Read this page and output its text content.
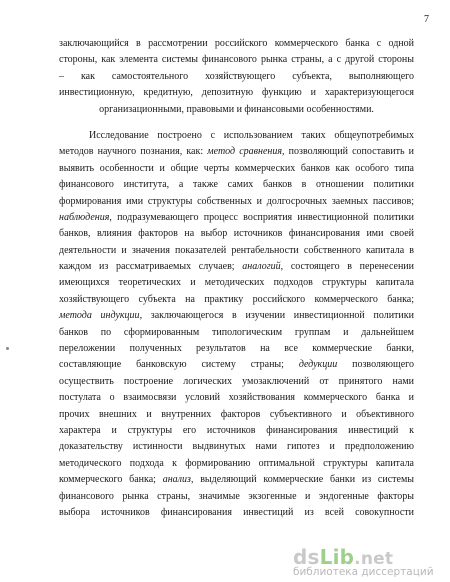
7
заключающийся в рассмотрении российского коммерческого банка с одной
стороны, как элемента системы финансового рынка страны, а с другой стороны
– как самостоятельного хозяйствующего субъекта, выполняющего
инвестиционную, кредитную, депозитную функцию и характеризующегося
организационными, правовыми и финансовыми особенностями.
Исследование построено с использованием таких общеупотребимых
методов научного познания, как: метод сравнения, позволяющий сопоставить и
выявить особенности и общие черты коммерческих банков как особого типа
финансового института, а также самих банков в отношении политики
формирования ими структуры собственных и долгосрочных заемных пассивов;
наблюдения, подразумевающего процесс восприятия инвестиционной политики
банков, влияния факторов на выбор источников финансирования ими своей
деятельности и значения показателей рентабельности собственного капитала в
каждом из рассматриваемых случаев; аналогий, состоящего в перенесении
имеющихся теоретических и методических подходов структуры капитала
хозяйствующего субъекта на практику российского коммерческого банка;
метода индукции, заключающегося в изучении инвестиционной политики
банков по сформированным типологическим группам и дальнейшем
переложении полученных результатов на все коммерческие банки,
составляющие банковскую систему страны; дедукции позволяющего
осуществить построение логических умозаключений от принятого нами
постулата о взаимосвязи условий хозяйствования коммерческого банка и
прочих внешних и внутренних факторов субъективного и объективного
характера и структуры его источников финансирования инвестиций к
доказательству истинности выдвинутых нами гипотез и предположению
методического подхода к формированию оптимальной структуры капитала
коммерческого банка; анализ, выделяющий коммерческие банки из системы
финансового рынка страны, значимые экзогенные и эндогенные факторы
выбора источников финансирования инвестиций из всей совокупности
dsLib.net
библиотека диссертаций
